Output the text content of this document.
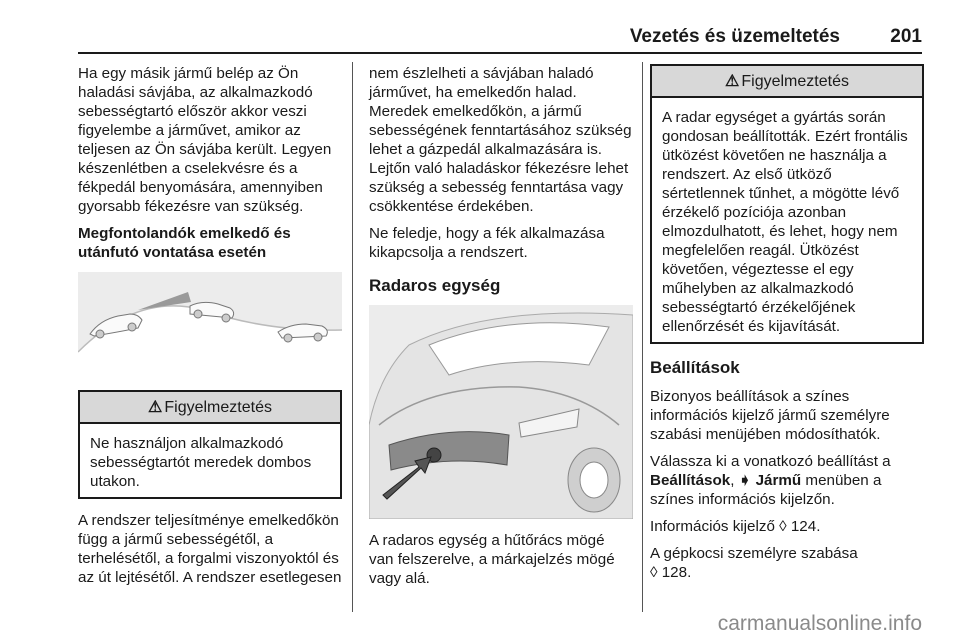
Vezetés és üzemeltetés	201

Ha egy másik jármű belép az Ön haladási sávjába, az alkalmazkodó sebességtartó először akkor veszi figyelembe a járművet, amikor az teljesen az Ön sávjába került. Legyen készenlétben a cselekvésre és a fékpedál benyomására, amennyiben gyorsabb fékezésre van szükség.

Megfontolandók emelkedő és utánfutó vontatása esetén

⚠ Figyelmeztetés

Ne használjon alkalmazkodó sebességtartót meredek dombos utakon.

A rendszer teljesítménye emelkedőkön függ a jármű sebességétől, a terhelésétől, a forgalmi viszonyoktól és az út lejtésétől. A rendszer esetlegesen

nem észlelheti a sávjában haladó járművet, ha emelkedőn halad. Meredek emelkedőkön, a jármű sebességének fenntartásához szükség lehet a gázpedál alkalmazására is. Lejtőn való haladáskor fékezésre lehet szükség a sebesség fenntartása vagy csökkentése érdekében.

Ne feledje, hogy a fék alkalmazása kikapcsolja a rendszert.

Radaros egység

A radaros egység a hűtőrács mögé van felszerelve, a márkajelzés mögé vagy alá.

⚠ Figyelmeztetés

A radar egységet a gyártás során gondosan beállították. Ezért frontális ütközést követően ne használja a rendszert. Az első ütköző sértetlennek tűnhet, a mögötte lévő érzékelő pozíciója azonban elmozdulhatott, és lehet, hogy nem megfelelően reagál. Ütközést követően, végeztesse el egy műhelyben az alkalmazkodó sebességtartó érzékelőjének ellenőrzését és kijavítását.

Beállítások

Bizonyos beállítások a színes információs kijelző jármű személyre szabási menüjében módosíthatók.

Válassza ki a vonatkozó beállítást a Beállítások, ➧ Jármű menüben a színes információs kijelzőn.

Információs kijelző ◊ 124.

A gépkocsi személyre szabása
◊ 128.

carmanualsonline.info
